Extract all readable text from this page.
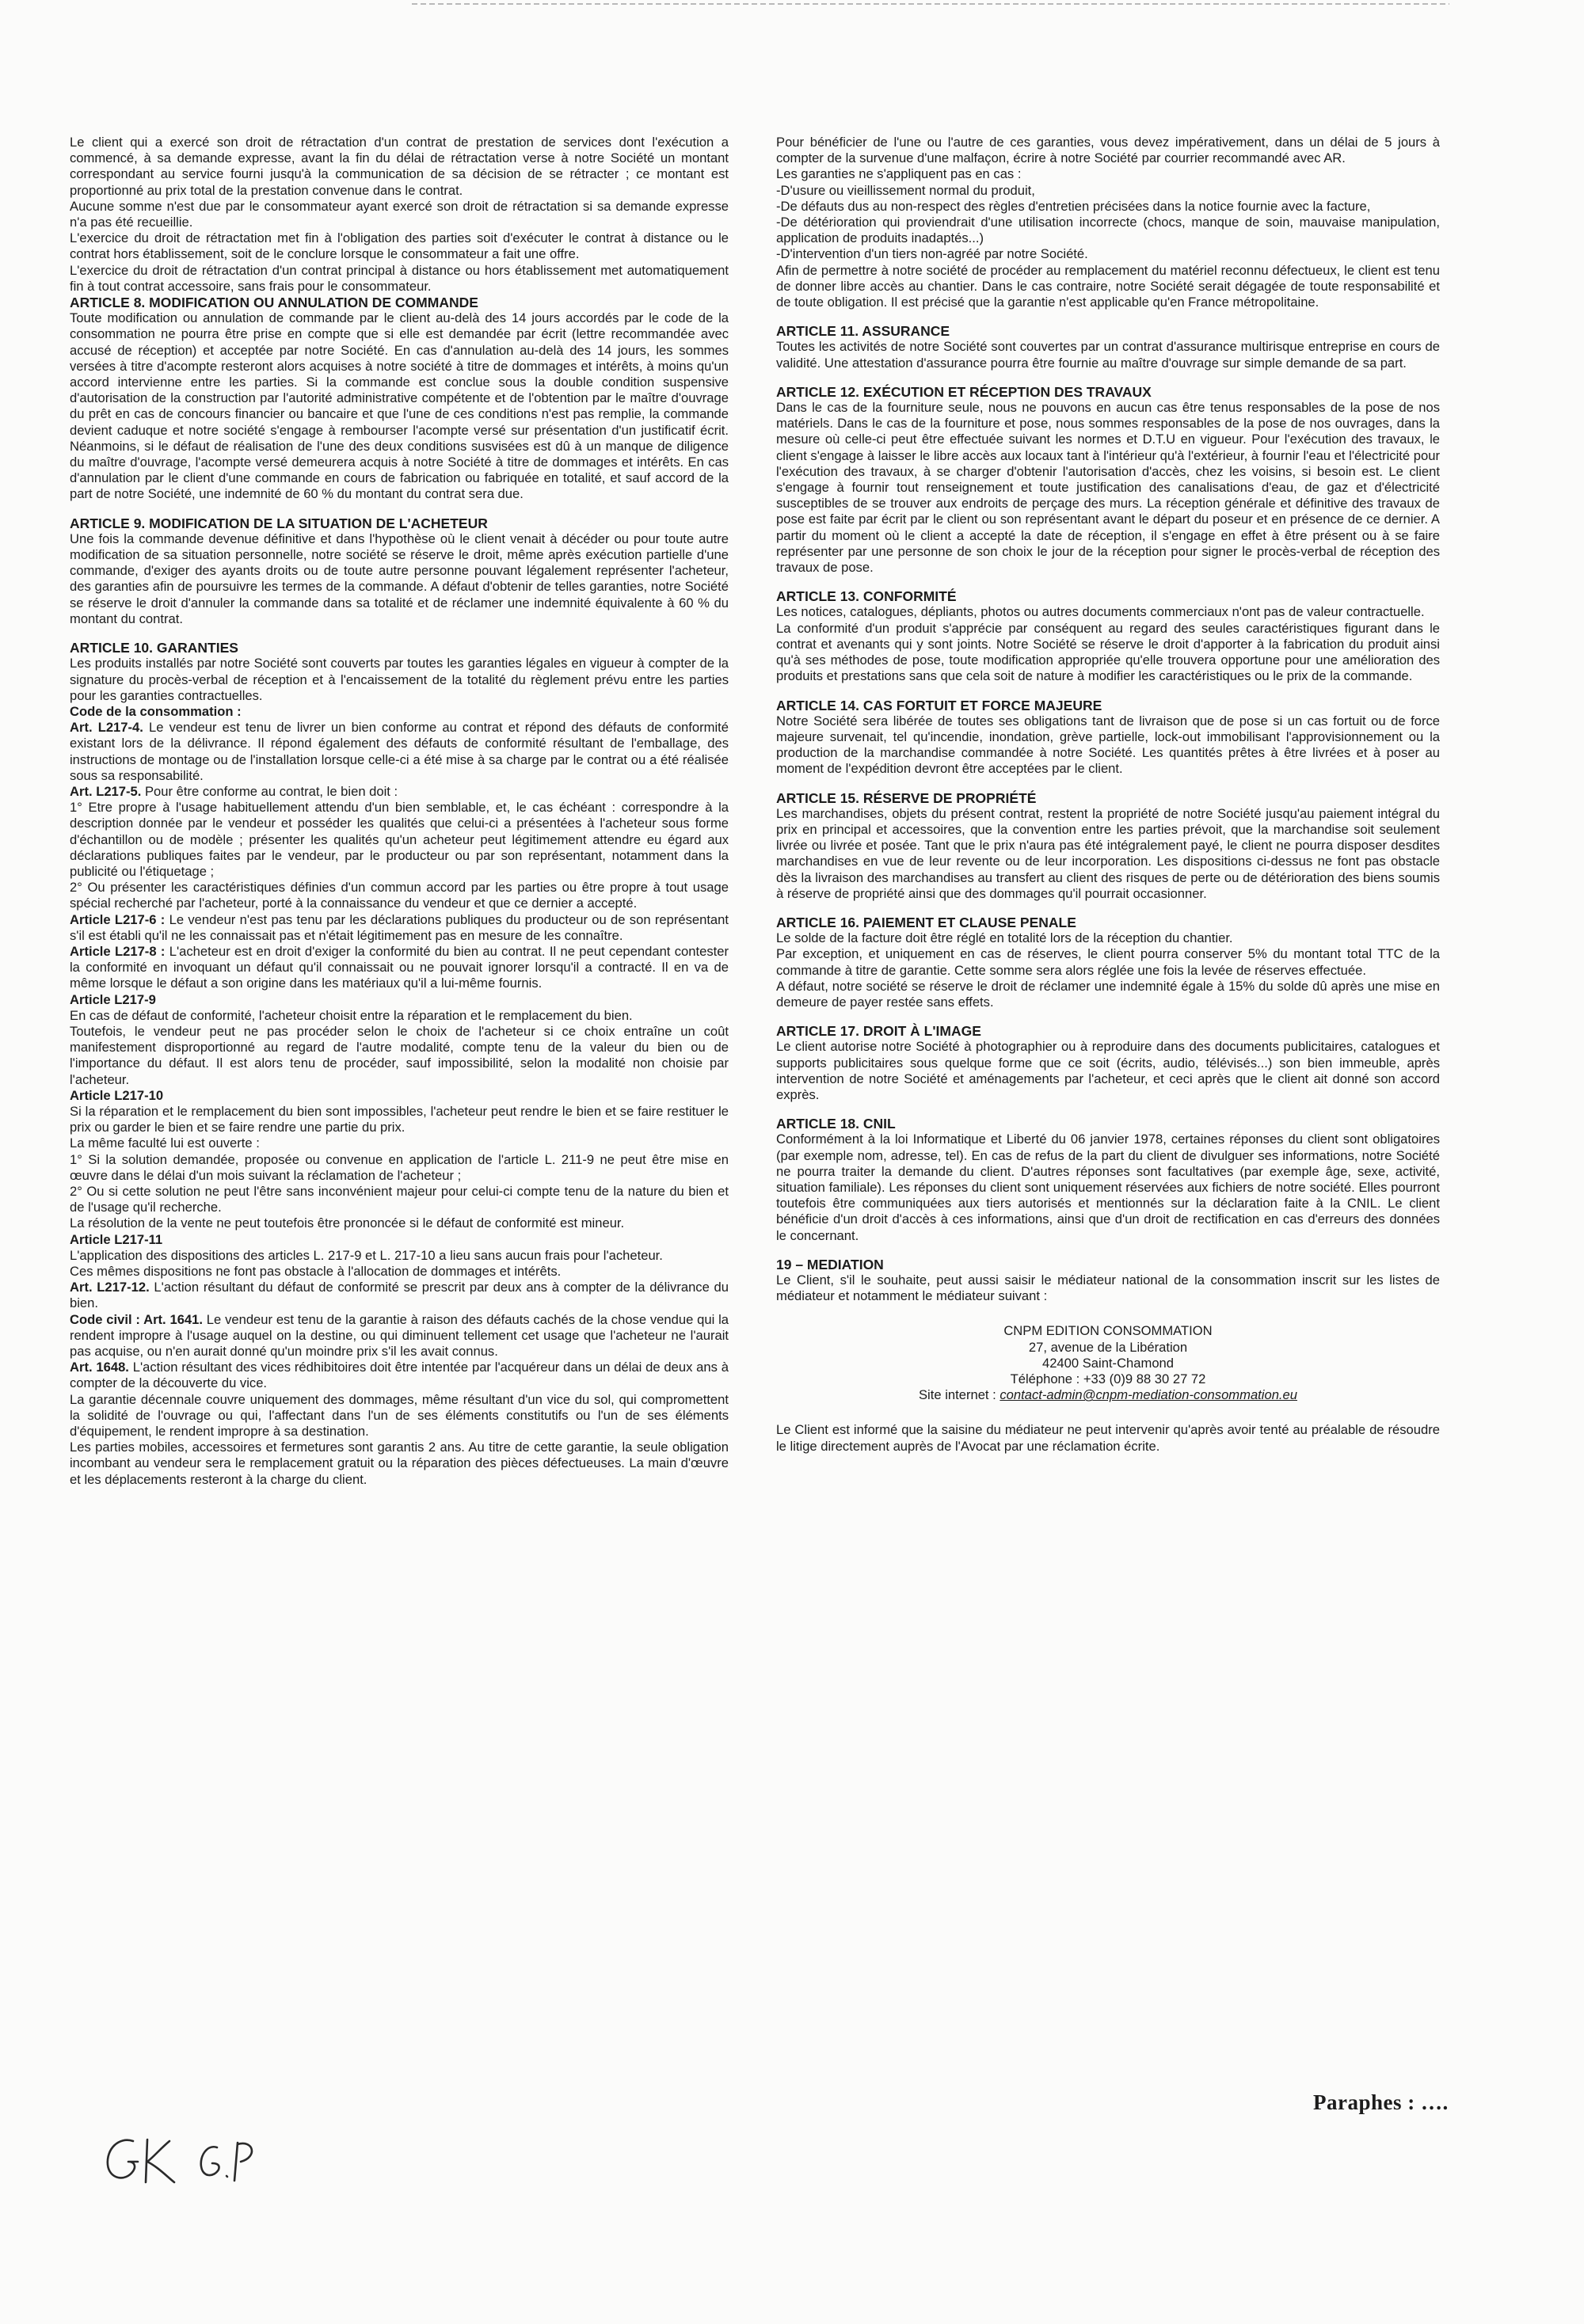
Le client qui a exercé son droit de rétractation d'un contrat de prestation de services dont l'exécution a commencé, à sa demande expresse, avant la fin du délai de rétractation verse à notre Société un montant correspondant au service fourni jusqu'à la communication de sa décision de se rétracter ; ce montant est proportionné au prix total de la prestation convenue dans le contrat.

Aucune somme n'est due par le consommateur ayant exercé son droit de rétractation si sa demande expresse n'a pas été recueillie.

L'exercice du droit de rétractation met fin à l'obligation des parties soit d'exécuter le contrat à distance ou le contrat hors établissement, soit de le conclure lorsque le consommateur a fait une offre.

L'exercice du droit de rétractation d'un contrat principal à distance ou hors établissement met automatiquement fin à tout contrat accessoire, sans frais pour le consommateur.

ARTICLE 8. MODIFICATION OU ANNULATION DE COMMANDE

Toute modification ou annulation de commande par le client au-delà des 14 jours accordés par le code de la consommation ne pourra être prise en compte que si elle est demandée par écrit (lettre recommandée avec accusé de réception) et acceptée par notre Société. En cas d'annulation au-delà des 14 jours, les sommes versées à titre d'acompte resteront alors acquises à notre société à titre de dommages et intérêts, à moins qu'un accord intervienne entre les parties. Si la commande est conclue sous la double condition suspensive d'autorisation de la construction par l'autorité administrative compétente et de l'obtention par le maître d'ouvrage du prêt en cas de concours financier ou bancaire et que l'une de ces conditions n'est pas remplie, la commande devient caduque et notre société s'engage à rembourser l'acompte versé sur présentation d'un justificatif écrit. Néanmoins, si le défaut de réalisation de l'une des deux conditions susvisées est dû à un manque de diligence du maître d'ouvrage, l'acompte versé demeurera acquis à notre Société à titre de dommages et intérêts. En cas d'annulation par le client d'une commande en cours de fabrication ou fabriquée en totalité, et sauf accord de la part de notre Société, une indemnité de 60 % du montant du contrat sera due.

ARTICLE 9. MODIFICATION DE LA SITUATION DE L'ACHETEUR

Une fois la commande devenue définitive et dans l'hypothèse où le client venait à décéder ou pour toute autre modification de sa situation personnelle, notre société se réserve le droit, même après exécution partielle d'une commande, d'exiger des ayants droits ou de toute autre personne pouvant légalement représenter l'acheteur, des garanties afin de poursuivre les termes de la commande. A défaut d'obtenir de telles garanties, notre Société se réserve le droit d'annuler la commande dans sa totalité et de réclamer une indemnité équivalente à 60 % du montant du contrat.

ARTICLE 10. GARANTIES

Les produits installés par notre Société sont couverts par toutes les garanties légales en vigueur à compter de la signature du procès-verbal de réception et à l'encaissement de la totalité du règlement prévu entre les parties pour les garanties contractuelles.

Code de la consommation :

Art. L217-4. Le vendeur est tenu de livrer un bien conforme au contrat et répond des défauts de conformité existant lors de la délivrance. Il répond également des défauts de conformité résultant de l'emballage, des instructions de montage ou de l'installation lorsque celle-ci a été mise à sa charge par le contrat ou a été réalisée sous sa responsabilité.

Art. L217-5. Pour être conforme au contrat, le bien doit :

1° Etre propre à l'usage habituellement attendu d'un bien semblable, et, le cas échéant : correspondre à la description donnée par le vendeur et posséder les qualités que celui-ci a présentées à l'acheteur sous forme d'échantillon ou de modèle ; présenter les qualités qu'un acheteur peut légitimement attendre eu égard aux déclarations publiques faites par le vendeur, par le producteur ou par son représentant, notamment dans la publicité ou l'étiquetage ;

2° Ou présenter les caractéristiques définies d'un commun accord par les parties ou être propre à tout usage spécial recherché par l'acheteur, porté à la connaissance du vendeur et que ce dernier a accepté.

Article L217-6 : Le vendeur n'est pas tenu par les déclarations publiques du producteur ou de son représentant s'il est établi qu'il ne les connaissait pas et n'était légitimement pas en mesure de les connaître.

Article L217-8 : L'acheteur est en droit d'exiger la conformité du bien au contrat. Il ne peut cependant contester la conformité en invoquant un défaut qu'il connaissait ou ne pouvait ignorer lorsqu'il a contracté. Il en va de même lorsque le défaut a son origine dans les matériaux qu'il a lui-même fournis.

Article L217-9

En cas de défaut de conformité, l'acheteur choisit entre la réparation et le remplacement du bien.

Toutefois, le vendeur peut ne pas procéder selon le choix de l'acheteur si ce choix entraîne un coût manifestement disproportionné au regard de l'autre modalité, compte tenu de la valeur du bien ou de l'importance du défaut. Il est alors tenu de procéder, sauf impossibilité, selon la modalité non choisie par l'acheteur.

Article L217-10

Si la réparation et le remplacement du bien sont impossibles, l'acheteur peut rendre le bien et se faire restituer le prix ou garder le bien et se faire rendre une partie du prix.

La même faculté lui est ouverte :

1° Si la solution demandée, proposée ou convenue en application de l'article L. 211-9 ne peut être mise en œuvre dans le délai d'un mois suivant la réclamation de l'acheteur ;

2° Ou si cette solution ne peut l'être sans inconvénient majeur pour celui-ci compte tenu de la nature du bien et de l'usage qu'il recherche.

La résolution de la vente ne peut toutefois être prononcée si le défaut de conformité est mineur.

Article L217-11

L'application des dispositions des articles L. 217-9 et L. 217-10 a lieu sans aucun frais pour l'acheteur.

Ces mêmes dispositions ne font pas obstacle à l'allocation de dommages et intérêts.

Art. L217-12. L'action résultant du défaut de conformité se prescrit par deux ans à compter de la délivrance du bien.

Code civil : Art. 1641. Le vendeur est tenu de la garantie à raison des défauts cachés de la chose vendue qui la rendent impropre à l'usage auquel on la destine, ou qui diminuent tellement cet usage que l'acheteur ne l'aurait pas acquise, ou n'en aurait donné qu'un moindre prix s'il les avait connus.

Art. 1648. L'action résultant des vices rédhibitoires doit être intentée par l'acquéreur dans un délai de deux ans à compter de la découverte du vice.

La garantie décennale couvre uniquement des dommages, même résultant d'un vice du sol, qui compromettent la solidité de l'ouvrage ou qui, l'affectant dans l'un de ses éléments constitutifs ou l'un de ses éléments d'équipement, le rendent impropre à sa destination.

Les parties mobiles, accessoires et fermetures sont garantis 2 ans. Au titre de cette garantie, la seule obligation incombant au vendeur sera le remplacement gratuit ou la réparation des pièces défectueuses. La main d'œuvre et les déplacements resteront à la charge du client.

Pour bénéficier de l'une ou l'autre de ces garanties, vous devez impérativement, dans un délai de 5 jours à compter de la survenue d'une malfaçon, écrire à notre Société par courrier recommandé avec AR.

Les garanties ne s'appliquent pas en cas :

-D'usure ou vieillissement normal du produit,

-De défauts dus au non-respect des règles d'entretien précisées dans la notice fournie avec la facture,

-De détérioration qui proviendrait d'une utilisation incorrecte (chocs, manque de soin, mauvaise manipulation, application de produits inadaptés...)

-D'intervention d'un tiers non-agréé par notre Société.

Afin de permettre à notre société de procéder au remplacement du matériel reconnu défectueux, le client est tenu de donner libre accès au chantier. Dans le cas contraire, notre Société serait dégagée de toute responsabilité et de toute obligation. Il est précisé que la garantie n'est applicable qu'en France métropolitaine.

ARTICLE 11. ASSURANCE

Toutes les activités de notre Société sont couvertes par un contrat d'assurance multirisque entreprise en cours de validité. Une attestation d'assurance pourra être fournie au maître d'ouvrage sur simple demande de sa part.

ARTICLE 12. EXÉCUTION ET RÉCEPTION DES TRAVAUX

Dans le cas de la fourniture seule, nous ne pouvons en aucun cas être tenus responsables de la pose de nos matériels. Dans le cas de la fourniture et pose, nous sommes responsables de la pose de nos ouvrages, dans la mesure où celle-ci peut être effectuée suivant les normes et D.T.U en vigueur. Pour l'exécution des travaux, le client s'engage à laisser le libre accès aux locaux tant à l'intérieur qu'à l'extérieur, à fournir l'eau et l'électricité pour l'exécution des travaux, à se charger d'obtenir l'autorisation d'accès, chez les voisins, si besoin est. Le client s'engage à fournir tout renseignement et toute justification des canalisations d'eau, de gaz et d'électricité susceptibles de se trouver aux endroits de perçage des murs. La réception générale et définitive des travaux de pose est faite par écrit par le client ou son représentant avant le départ du poseur et en présence de ce dernier. A partir du moment où le client a accepté la date de réception, il s'engage en effet à être présent ou à se faire représenter par une personne de son choix le jour de la réception pour signer le procès-verbal de réception des travaux de pose.

ARTICLE 13. CONFORMITÉ

Les notices, catalogues, dépliants, photos ou autres documents commerciaux n'ont pas de valeur contractuelle.

La conformité d'un produit s'apprécie par conséquent au regard des seules caractéristiques figurant dans le contrat et avenants qui y sont joints. Notre Société se réserve le droit d'apporter à la fabrication du produit ainsi qu'à ses méthodes de pose, toute modification appropriée qu'elle trouvera opportune pour une amélioration des produits et prestations sans que cela soit de nature à modifier les caractéristiques ou le prix de la commande.

ARTICLE 14. CAS FORTUIT ET FORCE MAJEURE

Notre Société sera libérée de toutes ses obligations tant de livraison que de pose si un cas fortuit ou de force majeure survenait, tel qu'incendie, inondation, grève partielle, lock-out immobilisant l'approvisionnement ou la production de la marchandise commandée à notre Société. Les quantités prêtes à être livrées et à poser au moment de l'expédition devront être acceptées par le client.

ARTICLE 15. RÉSERVE DE PROPRIÉTÉ

Les marchandises, objets du présent contrat, restent la propriété de notre Société jusqu'au paiement intégral du prix en principal et accessoires, que la convention entre les parties prévoit, que la marchandise soit seulement livrée ou livrée et posée. Tant que le prix n'aura pas été intégralement payé, le client ne pourra disposer desdites marchandises en vue de leur revente ou de leur incorporation. Les dispositions ci-dessus ne font pas obstacle dès la livraison des marchandises au transfert au client des risques de perte ou de détérioration des biens soumis à réserve de propriété ainsi que des dommages qu'il pourrait occasionner.

ARTICLE 16. PAIEMENT ET CLAUSE PENALE

Le solde de la facture doit être réglé en totalité lors de la réception du chantier.

Par exception, et uniquement en cas de réserves, le client pourra conserver 5% du montant total TTC de la commande à titre de garantie. Cette somme sera alors réglée une fois la levée de réserves effectuée.

A défaut, notre société se réserve le droit de réclamer une indemnité égale à 15% du solde dû après une mise en demeure de payer restée sans effets.

ARTICLE 17. DROIT À L'IMAGE

Le client autorise notre Société à photographier ou à reproduire dans des documents publicitaires, catalogues et supports publicitaires sous quelque forme que ce soit (écrits, audio, télévisés...) son bien immeuble, après intervention de notre Société et aménagements par l'acheteur, et ceci après que le client ait donné son accord exprès.

ARTICLE 18. CNIL

Conformément à la loi Informatique et Liberté du 06 janvier 1978, certaines réponses du client sont obligatoires (par exemple nom, adresse, tel). En cas de refus de la part du client de divulguer ses informations, notre Société ne pourra traiter la demande du client. D'autres réponses sont facultatives (par exemple âge, sexe, activité, situation familiale). Les réponses du client sont uniquement réservées aux fichiers de notre société. Elles pourront toutefois être communiquées aux tiers autorisés et mentionnés sur la déclaration faite à la CNIL. Le client bénéficie d'un droit d'accès à ces informations, ainsi que d'un droit de rectification en cas d'erreurs des données le concernant.

19 – MEDIATION

Le Client, s'il le souhaite, peut aussi saisir le médiateur national de la consommation inscrit sur les listes de médiateur et notamment le médiateur suivant :

CNPM EDITION CONSOMMATION
27, avenue de la Libération
42400 Saint-Chamond
Téléphone : +33 (0)9 88 30 27 72
Site internet : contact-admin@cnpm-mediation-consommation.eu

Le Client est informé que la saisine du médiateur ne peut intervenir qu'après avoir tenté au préalable de résoudre le litige directement auprès de l'Avocat par une réclamation écrite.

Paraphes : ….
